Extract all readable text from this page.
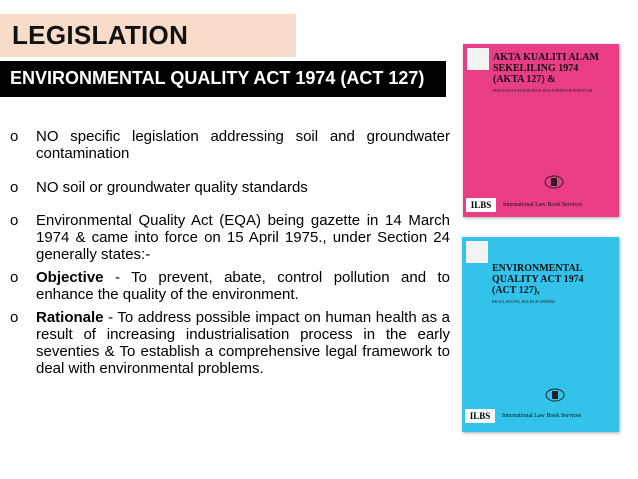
LEGISLATION
ENVIRONMENTAL QUALITY ACT 1974 (ACT 127)
o NO specific legislation addressing soil and groundwater contamination
o NO soil or groundwater quality standards
o Environmental Quality Act (EQA) being gazette in 14 March 1974 & came into force on 15 April 1975., under Section 24 generally states:-
o Objective - To prevent, abate, control pollution and to enhance the quality of the environment.
o Rationale - To address possible impact on human health as a result of increasing industrialisation process in the early seventies & To establish a comprehensive legal framework to deal with environmental problems.
AKTA KUALITI ALAM
SEKELILING 1974
(AKTA 127) &
PERATURAN-PERATURAN DAN PERINTAH-PERINTAH
ILBS	International Law Book Services
ENVIRONMENTAL
QUALITY ACT 1974
(ACT 127),
REGULATIONS, RULES & ORDERS
ILBS	International Law Book Services
